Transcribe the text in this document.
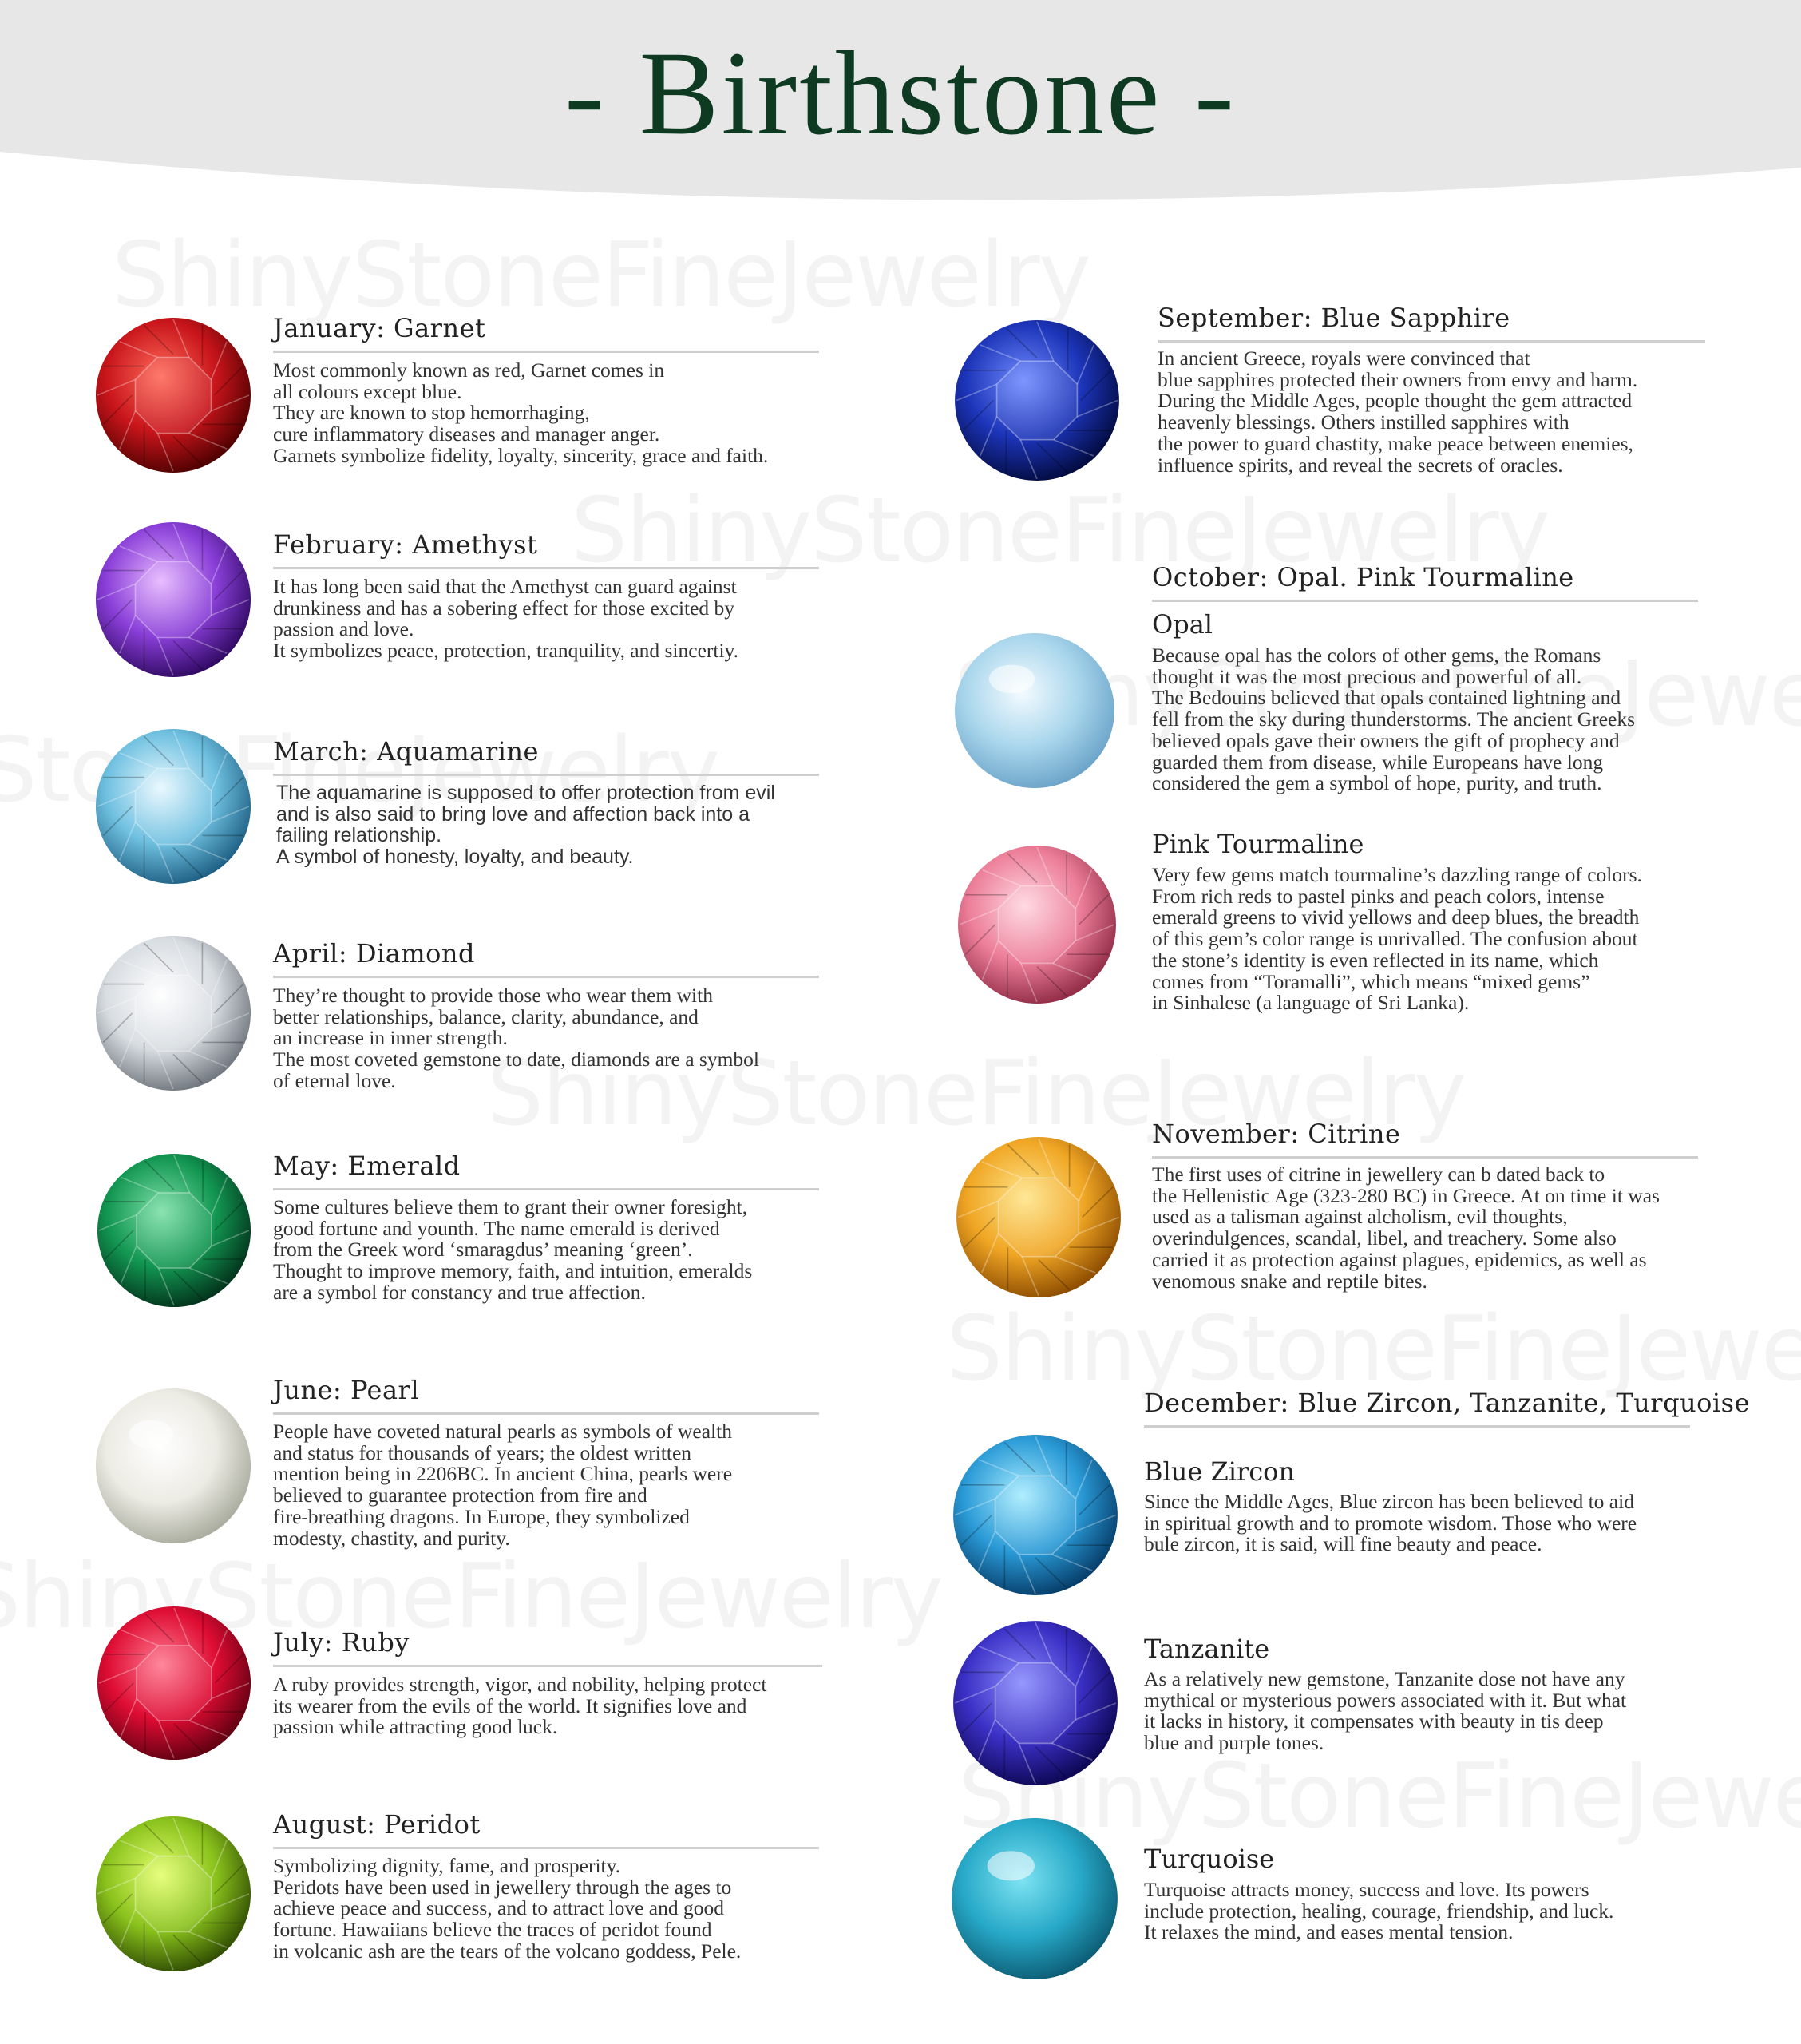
- Birthstone -
January: Garnet
Most commonly known as red, Garnet comes in
all colours except blue.
They are known to stop hemorrhaging,
cure inflammatory diseases and manager anger.
Garnets symbolize fidelity, loyalty, sincerity, grace and faith.
February: Amethyst
It has long been said that the Amethyst can guard against
drunkiness and has a sobering effect for those excited by
passion and love.
It symbolizes peace, protection, tranquility, and sincertiy.
March: Aquamarine
The aquamarine is supposed to offer protection from evil
and is also said to bring love and affection back into a
failing relationship.
A symbol of honesty, loyalty, and beauty.
April: Diamond
They’re thought to provide those who wear them with
better relationships, balance, clarity, abundance, and
an increase in inner strength.
The most coveted gemstone to date, diamonds are a symbol
of eternal love.
May: Emerald
Some cultures believe them to grant their owner foresight,
good fortune and younth. The name emerald is derived
from the Greek word ‘smaragdus’ meaning ‘green’.
Thought to improve memory, faith, and intuition, emeralds
are a symbol for constancy and true affection.
June: Pearl
People have coveted natural pearls as symbols of wealth
and status for thousands of years; the oldest written
mention being in 2206BC. In ancient China, pearls were
believed to guarantee protection from fire and
fire-breathing dragons. In Europe, they symbolized
modesty, chastity, and purity.
July: Ruby
A ruby provides strength, vigor, and nobility, helping protect
its wearer from the evils of the world. It signifies love and
passion while attracting good luck.
August: Peridot
Symbolizing dignity, fame, and prosperity.
Peridots have been used in jewellery through the ages to
achieve peace and success, and to attract love and good
fortune. Hawaiians believe the traces of peridot found
in volcanic ash are the tears of the volcano goddess, Pele.
September: Blue Sapphire
In ancient Greece, royals were convinced that
blue sapphires protected their owners from envy and harm.
During the Middle Ages, people thought the gem attracted
heavenly blessings. Others instilled sapphires with
the power to guard chastity, make peace between enemies,
influence spirits, and reveal the secrets of oracles.
October: Opal. Pink Tourmaline
Opal
Because opal has the colors of other gems, the Romans
thought it was the most precious and powerful of all.
The Bedouins believed that opals contained lightning and
fell from the sky during thunderstorms. The ancient Greeks
believed opals gave their owners the gift of prophecy and
guarded them from disease, while Europeans have long
considered the gem a symbol of hope, purity, and truth.
Pink Tourmaline
Very few gems match tourmaline’s dazzling range of colors.
From rich reds to pastel pinks and peach colors, intense
emerald greens to vivid yellows and deep blues, the breadth
of this gem’s color range is unrivalled. The confusion about
the stone’s identity is even reflected in its name, which
comes from “Toramalli”, which means “mixed gems”
in Sinhalese (a language of Sri Lanka).
November: Citrine
The first uses of citrine in jewellery can b dated back to
the Hellenistic Age (323-280 BC) in Greece. At on time it was
used as a talisman against alcholism, evil thoughts,
overindulgences, scandal, libel, and treachery. Some also
carried it as protection against plagues, epidemics, as well as
venomous snake and reptile bites.
December: Blue Zircon, Tanzanite, Turquoise
Blue Zircon
Since the Middle Ages, Blue zircon has been believed to aid
in spiritual growth and to promote wisdom. Those who were
bule zircon, it is said, will fine beauty and peace.
Tanzanite
As a relatively new gemstone, Tanzanite dose not have any
mythical or mysterious powers associated with it. But what
it lacks in history, it compensates with beauty in tis deep
blue and purple tones.
Turquoise
Turquoise attracts money, success and love. Its powers
include protection, healing, courage, friendship, and luck.
It relaxes the mind, and eases mental tension.
